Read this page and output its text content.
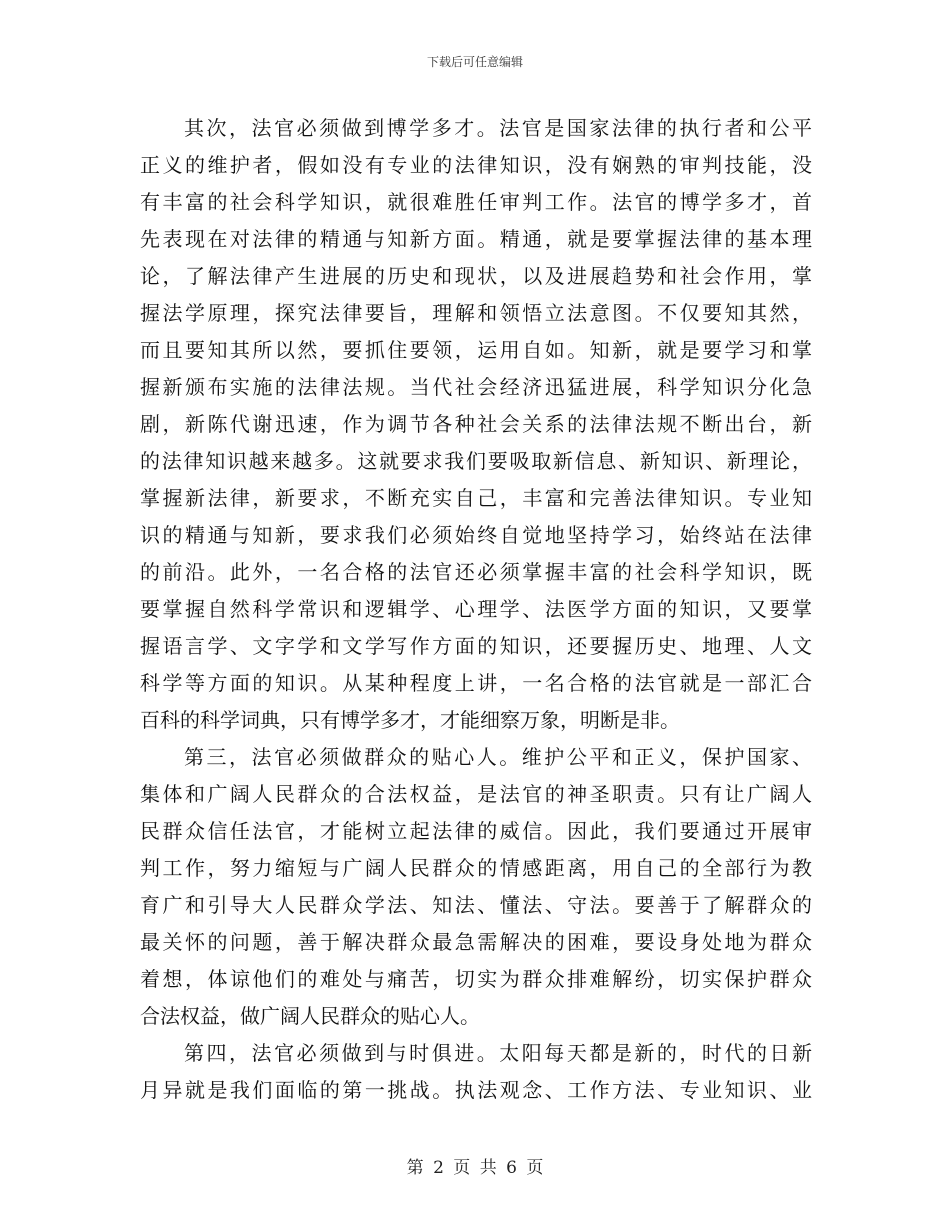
下载后可任意编辑
其次，法官必须做到博学多才。法官是国家法律的执行者和公平
正义的维护者，假如没有专业的法律知识，没有娴熟的审判技能，没
有丰富的社会科学知识，就很难胜任审判工作。法官的博学多才，首
先表现在对法律的精通与知新方面。精通，就是要掌握法律的基本理
论，了解法律产生进展的历史和现状，以及进展趋势和社会作用，掌
握法学原理，探究法律要旨，理解和领悟立法意图。不仅要知其然，
而且要知其所以然，要抓住要领，运用自如。知新，就是要学习和掌
握新颁布实施的法律法规。当代社会经济迅猛进展，科学知识分化急
剧，新陈代谢迅速，作为调节各种社会关系的法律法规不断出台，新
的法律知识越来越多。这就要求我们要吸取新信息、新知识、新理论，
掌握新法律，新要求，不断充实自己，丰富和完善法律知识。专业知
识的精通与知新，要求我们必须始终自觉地坚持学习，始终站在法律
的前沿。此外，一名合格的法官还必须掌握丰富的社会科学知识，既
要掌握自然科学常识和逻辑学、心理学、法医学方面的知识，又要掌
握语言学、文字学和文学写作方面的知识，还要握历史、地理、人文
科学等方面的知识。从某种程度上讲，一名合格的法官就是一部汇合
百科的科学词典，只有博学多才，才能细察万象，明断是非。
第三，法官必须做群众的贴心人。维护公平和正义，保护国家、
集体和广阔人民群众的合法权益，是法官的神圣职责。只有让广阔人
民群众信任法官，才能树立起法律的威信。因此，我们要通过开展审
判工作，努力缩短与广阔人民群众的情感距离，用自己的全部行为教
育广和引导大人民群众学法、知法、懂法、守法。要善于了解群众的
最关怀的问题，善于解决群众最急需解决的困难，要设身处地为群众
着想，体谅他们的难处与痛苦，切实为群众排难解纷，切实保护群众
合法权益，做广阔人民群众的贴心人。
第四，法官必须做到与时俱进。太阳每天都是新的，时代的日新
月异就是我们面临的第一挑战。执法观念、工作方法、专业知识、业
第 2 页 共 6 页
